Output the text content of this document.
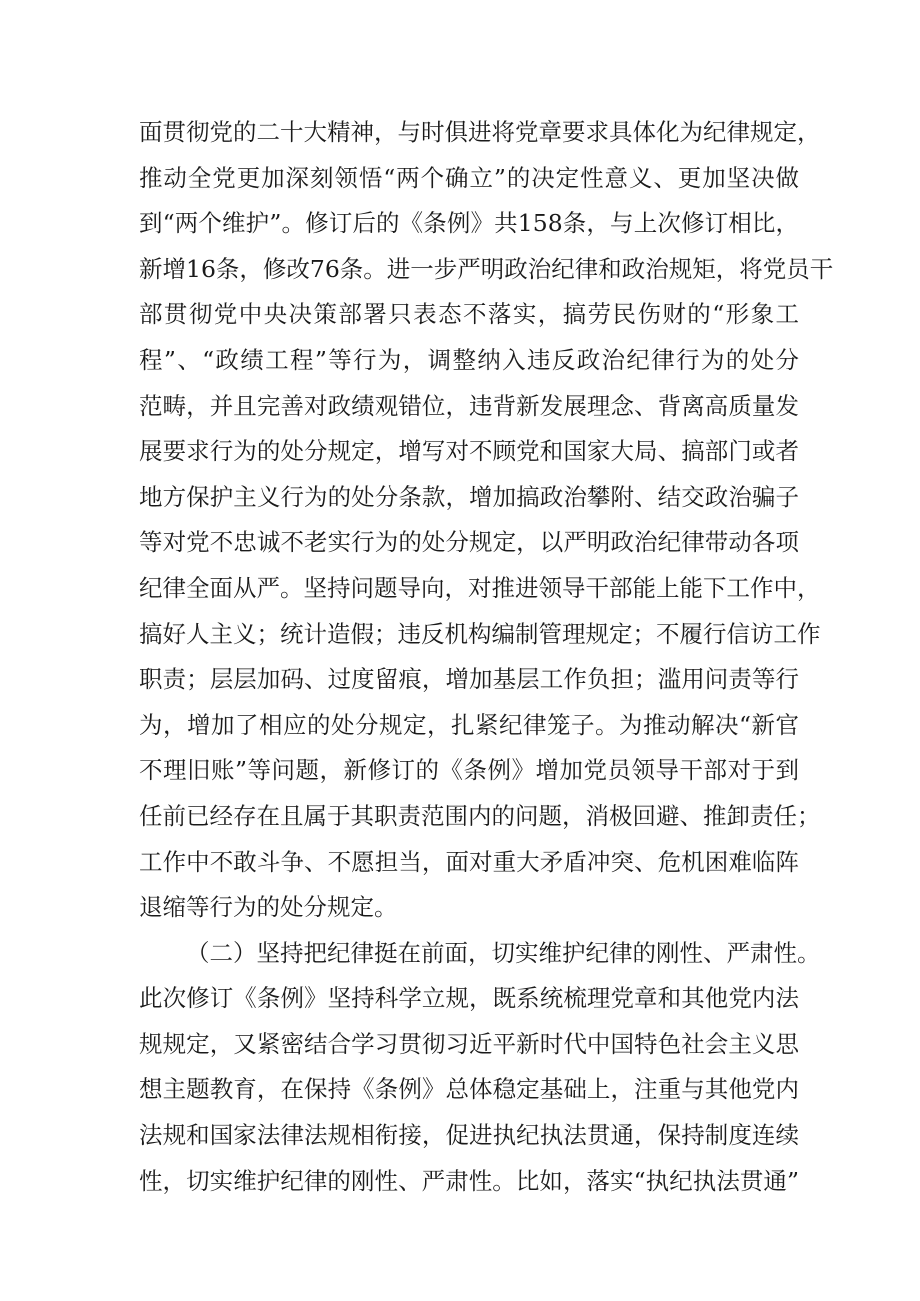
面贯彻党的二十大精神，与时俱进将党章要求具体化为纪律规定，
推动全党更加深刻领悟“两个确立”的决定性意义、更加坚决做
到“两个维护”。修订后的《条例》共158条，与上次修订相比，
新增16条，修改76条。进一步严明政治纪律和政治规矩，将党员干
部贯彻党中央决策部署只表态不落实，搞劳民伤财的“形象工
程”、“政绩工程”等行为，调整纳入违反政治纪律行为的处分
范畴，并且完善对政绩观错位，违背新发展理念、背离高质量发
展要求行为的处分规定，增写对不顾党和国家大局、搞部门或者
地方保护主义行为的处分条款，增加搞政治攀附、结交政治骗子
等对党不忠诚不老实行为的处分规定，以严明政治纪律带动各项
纪律全面从严。坚持问题导向，对推进领导干部能上能下工作中，
搞好人主义；统计造假；违反机构编制管理规定；不履行信访工作
职责；层层加码、过度留痕，增加基层工作负担；滥用问责等行
为，增加了相应的处分规定，扎紧纪律笼子。为推动解决“新官
不理旧账”等问题，新修订的《条例》增加党员领导干部对于到
任前已经存在且属于其职责范围内的问题，消极回避、推卸责任；
工作中不敢斗争、不愿担当，面对重大矛盾冲突、危机困难临阵
退缩等行为的处分规定。
（二）坚持把纪律挺在前面，切实维护纪律的刚性、严肃性。
此次修订《条例》坚持科学立规，既系统梳理党章和其他党内法
规规定，又紧密结合学习贯彻习近平新时代中国特色社会主义思
想主题教育，在保持《条例》总体稳定基础上，注重与其他党内
法规和国家法律法规相衔接，促进执纪执法贯通，保持制度连续
性，切实维护纪律的刚性、严肃性。比如，落实“执纪执法贯通”
